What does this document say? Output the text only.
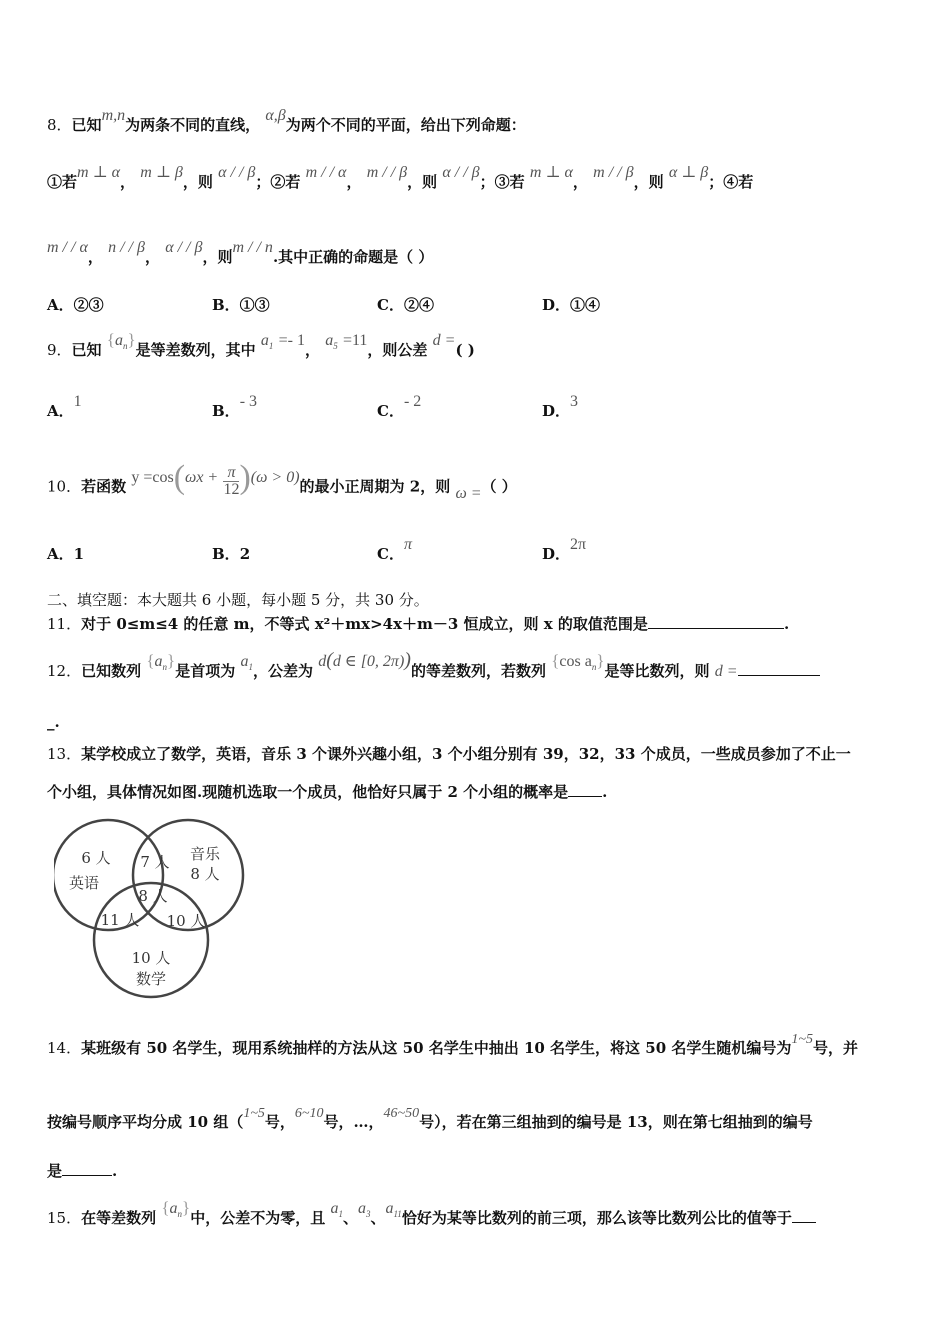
8．已知m,n为两条不同的直线， α,β为两个不同的平面，给出下列命题：
①若m ⊥ α， m ⊥ β，则 α / / β；②若 m / / α， m / / β，则 α / / β；③若 m ⊥ α， m / / β，则 α ⊥ β；④若
m / / α， n / / β， α / / β，则m / / n.其中正确的命题是（ ）
A．②③	B．①③	C．②④	D．①④
9．已知 $\{a_n\}$是等差数列，其中 $a_1 =- 1$， $a_5 =11$，则公差 d =( )
A．1
B．- 3
C．- 2
D．3
10．若函数 $y =\cos(\omega x + \frac{\pi}{12} )(\omega > 0)$的最小正周期为 2，则 ω =（ ）
A．1	B．2	C．π
D．2π
二、填空题：本大题共 6 小题，每小题 5 分，共 30 分。
11．对于 0≤m≤4 的任意 m，不等式 x²＋mx>4x＋m－3 恒成立，则 x 的取值范围是	.
12．已知数列 $\{a_n\}$是首项为 $a_1$，公差为 d(d ∈ [0, 2π))的等差数列，若数列 {cos $a_n$}是等比数列，则 d =
_.
13．某学校成立了数学，英语，音乐 3 个课外兴趣小组，3 个小组分别有 39，32，33 个成员，一些成员参加了不止一
个小组，具体情况如图.现随机选取一个成员，他恰好只属于 2 个小组的概率是 .
6 人
英语
音乐
8 人
7 人
8 人
11 人 10 人
10 人
数学
14．某班级有 50 名学生，现用系统抽样的方法从这 50 名学生中抽出 10 名学生，将这 50 名学生随机编号为1~5号，并
按编号顺序平均分成 10 组（1~5号，6~10号，…，46~50号），若在第三组抽到的编号是 13，则在第七组抽到的编号
是	.
15．在等差数列 $\{a_n\}$中，公差不为零，且 $a_1$、$a_3$、$a_{11}$恰好为某等比数列的前三项，那么该等比数列公比的值等于
